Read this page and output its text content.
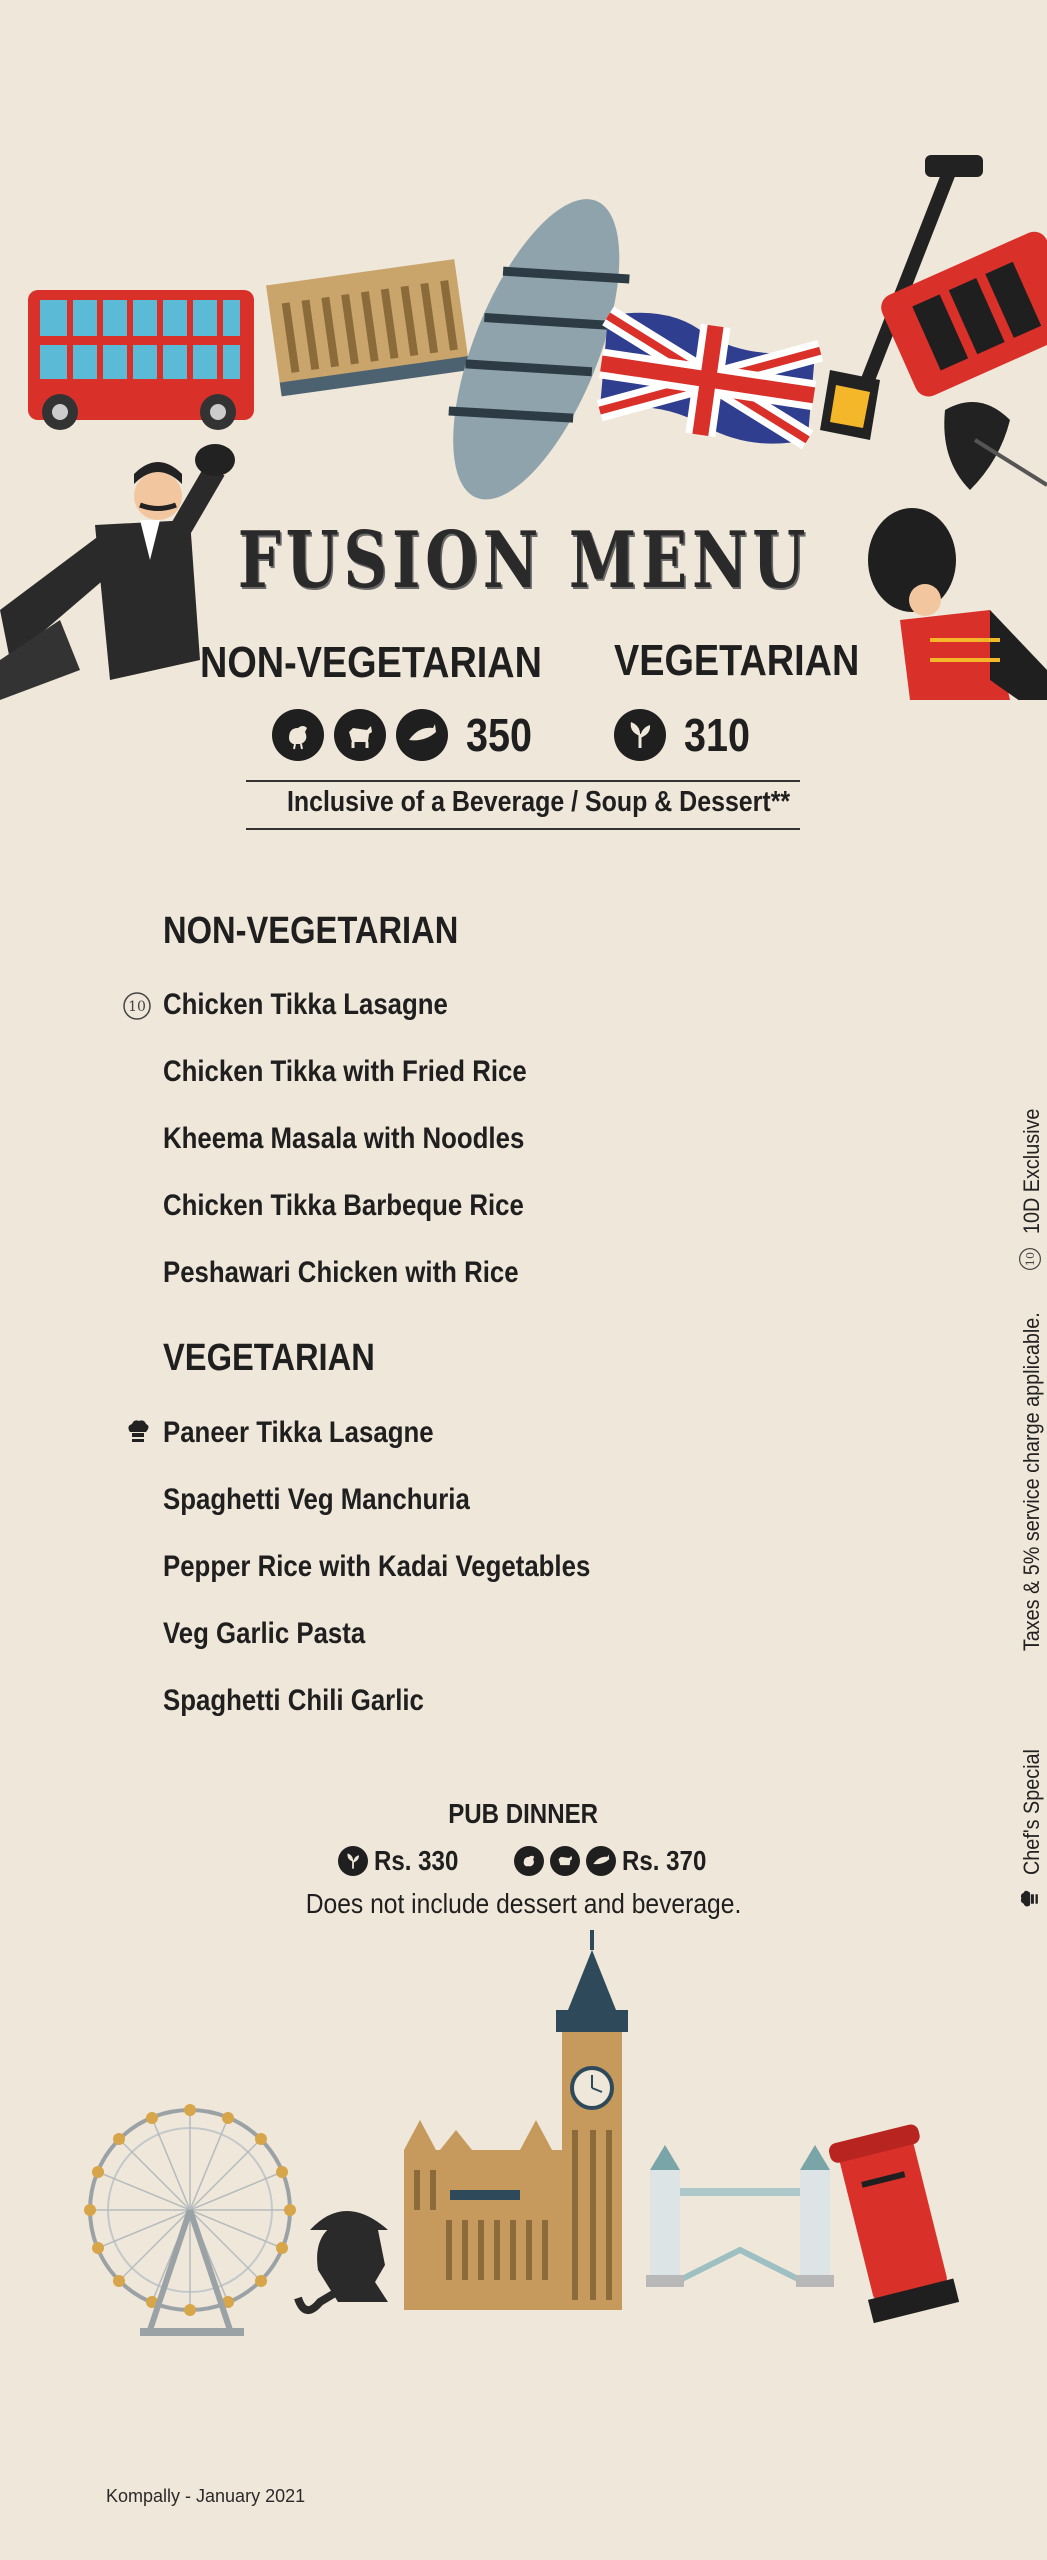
FUSION MENU
NON-VEGETARIAN	VEGETARIAN
350	310
Inclusive of a Beverage / Soup & Dessert**
NON-VEGETARIAN
10 Chicken Tikka Lasagne
Chicken Tikka with Fried Rice
Kheema Masala with Noodles
Chicken Tikka Barbeque Rice
Peshawari Chicken with Rice
VEGETARIAN
Paneer Tikka Lasagne
Spaghetti Veg Manchuria
Pepper Rice with Kadai Vegetables
Veg Garlic Pasta
Spaghetti Chili Garlic
PUB DINNER
Rs. 330	Rs. 370
Does not include dessert and beverage.
Chef's Special  Taxes & 5% service charge applicable.
10
10D Exclusive
Kompally - January 2021
